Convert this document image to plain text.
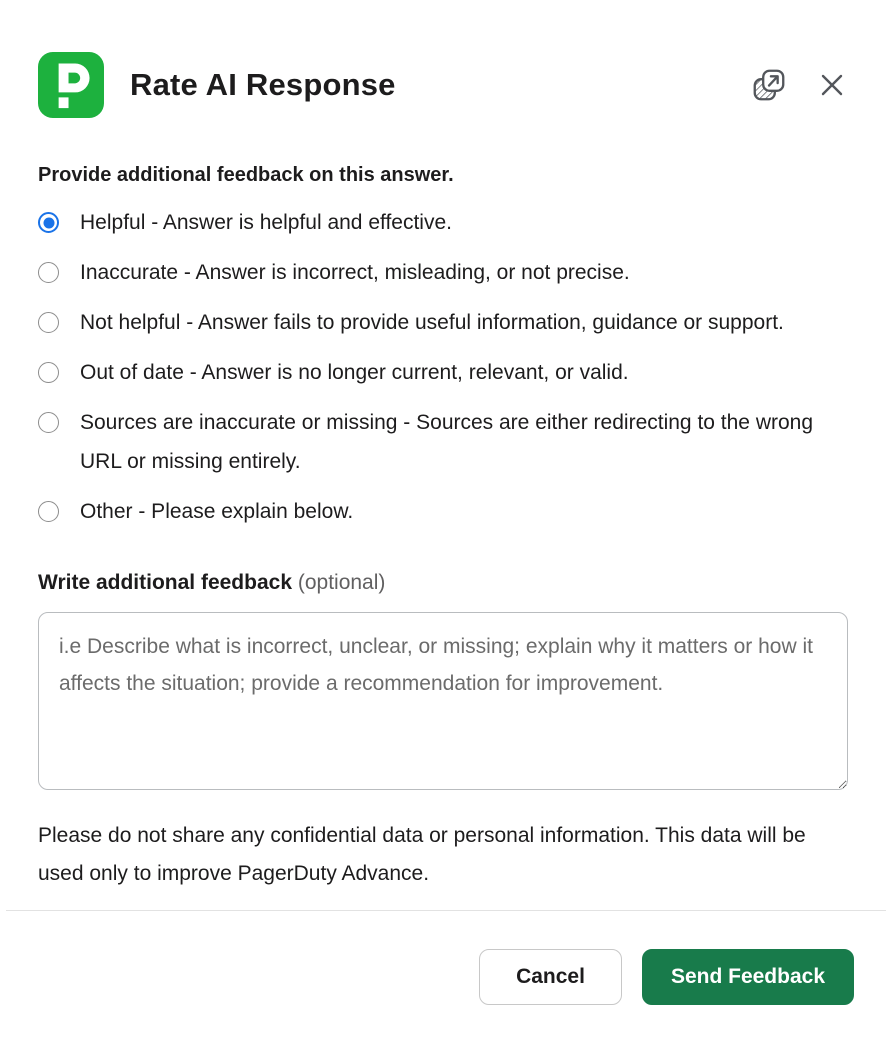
Rate AI Response

Provide additional feedback on this answer.

Helpful - Answer is helpful and effective.
Inaccurate - Answer is incorrect, misleading, or not precise.
Not helpful - Answer fails to provide useful information, guidance or support.
Out of date - Answer is no longer current, relevant, or valid.
Sources are inaccurate or missing - Sources are either redirecting to the wrong URL or missing entirely.
Other - Please explain below.

Write additional feedback (optional)

i.e Describe what is incorrect, unclear, or missing; explain why it matters or how it affects the situation; provide a recommendation for improvement.

Please do not share any confidential data or personal information. This data will be used only to improve PagerDuty Advance.

Cancel	Send Feedback
